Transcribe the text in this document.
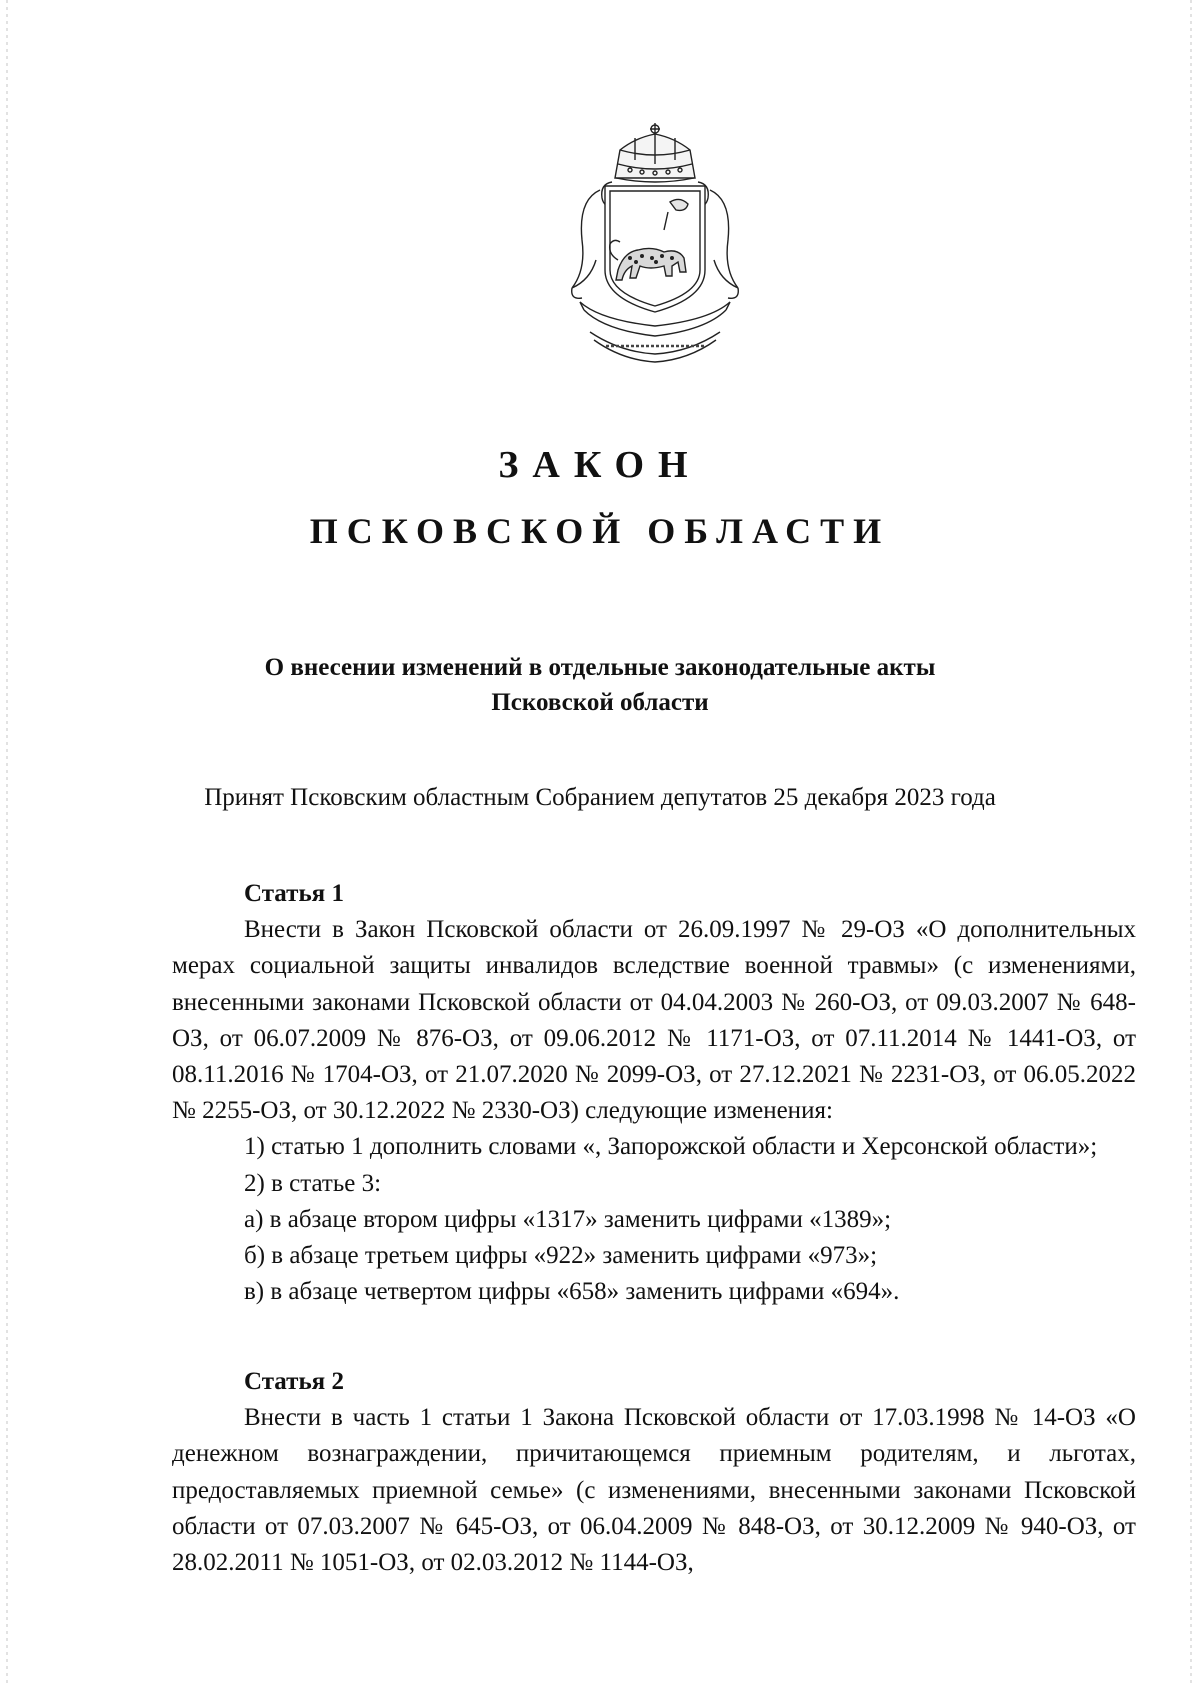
ЗАКОН
ПСКОВСКОЙ ОБЛАСТИ
О внесении изменений в отдельные законодательные акты
Псковской области
Принят Псковским областным Собранием депутатов 25 декабря 2023 года

Статья 1

Внести в Закон Псковской области от 26.09.1997 № 29-ОЗ «О дополнительных мерах социальной защиты инвалидов вследствие военной травмы» (с изменениями, внесенными законами Псковской области от 04.04.2003 № 260-ОЗ, от 09.03.2007 № 648-ОЗ, от 06.07.2009 № 876-ОЗ, от 09.06.2012 № 1171-ОЗ, от 07.11.2014 № 1441-ОЗ, от 08.11.2016 № 1704-ОЗ, от 21.07.2020 № 2099-ОЗ, от 27.12.2021 № 2231-ОЗ, от 06.05.2022 № 2255-ОЗ, от 30.12.2022 № 2330-ОЗ) следующие изменения:

1) статью 1 дополнить словами «, Запорожской области и Херсонской области»;

2) в статье 3:

а) в абзаце втором цифры «1317» заменить цифрами «1389»;

б) в абзаце третьем цифры «922» заменить цифрами «973»;

в) в абзаце четвертом цифры «658» заменить цифрами «694».

Статья 2

Внести в часть 1 статьи 1 Закона Псковской области от 17.03.1998 № 14-ОЗ «О денежном вознаграждении, причитающемся приемным родителям, и льготах, предоставляемых приемной семье» (с изменениями, внесенными законами Псковской области от 07.03.2007 № 645-ОЗ, от 06.04.2009 № 848-ОЗ, от 30.12.2009 № 940-ОЗ, от 28.02.2011 № 1051-ОЗ, от 02.03.2012 № 1144-ОЗ,
